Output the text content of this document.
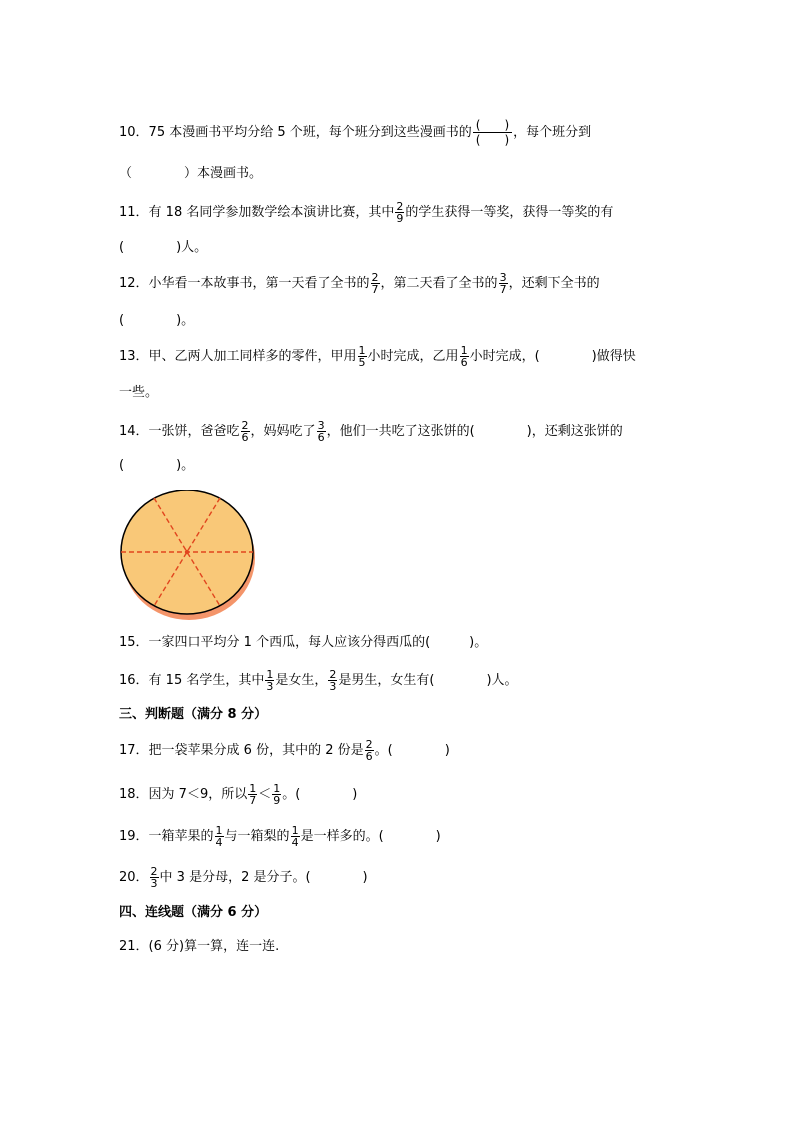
10．75 本漫画书平均分给 5 个班，每个班分到这些漫画书的 $\frac{( )}{( )}$ ，每个班分到
（　　　　）本漫画书。
11．有 18 名同学参加数学绘本演讲比赛，其中 $\frac{2}{9}$ 的学生获得一等奖，获得一等奖的有
(　　　　)人。
12．小华看一本故事书，第一天看了全书的 $\frac{2}{7}$ ，第二天看了全书的 $\frac{3}{7}$ ，还剩下全书的
(　　　　)。
13．甲、乙两人加工同样多的零件，甲用 $\frac{1}{5}$ 小时完成，乙用 $\frac{1}{6}$ 小时完成，(　　　　)做得快
一些。
14．一张饼，爸爸吃 $\frac{2}{6}$ ，妈妈吃了 $\frac{3}{6}$ ，他们一共吃了这张饼的(　　　　)，还剩这张饼的
(　　　　)。
15．一家四口平均分 1 个西瓜，每人应该分得西瓜的(　　　)。
16．有 15 名学生，其中 $\frac{1}{3}$ 是女生， $\frac{2}{3}$ 是男生，女生有(　　　　)人。
三、判断题（满分 8 分）
17．把一袋苹果分成 6 份，其中的 2 份是 $\frac{2}{6}$ 。(　　　　)
18．因为 7＜9，所以 $\frac{1}{7} < \frac{1}{9}$ 。(　　　　)
19．一箱苹果的 $\frac{1}{4}$ 与一箱梨的 $\frac{1}{4}$ 是一样多的。(　　　　)
20． $\frac{2}{3}$ 中 3 是分母，2 是分子。(　　　　)
四、连线题（满分 6 分）
21．(6 分)算一算，连一连.
